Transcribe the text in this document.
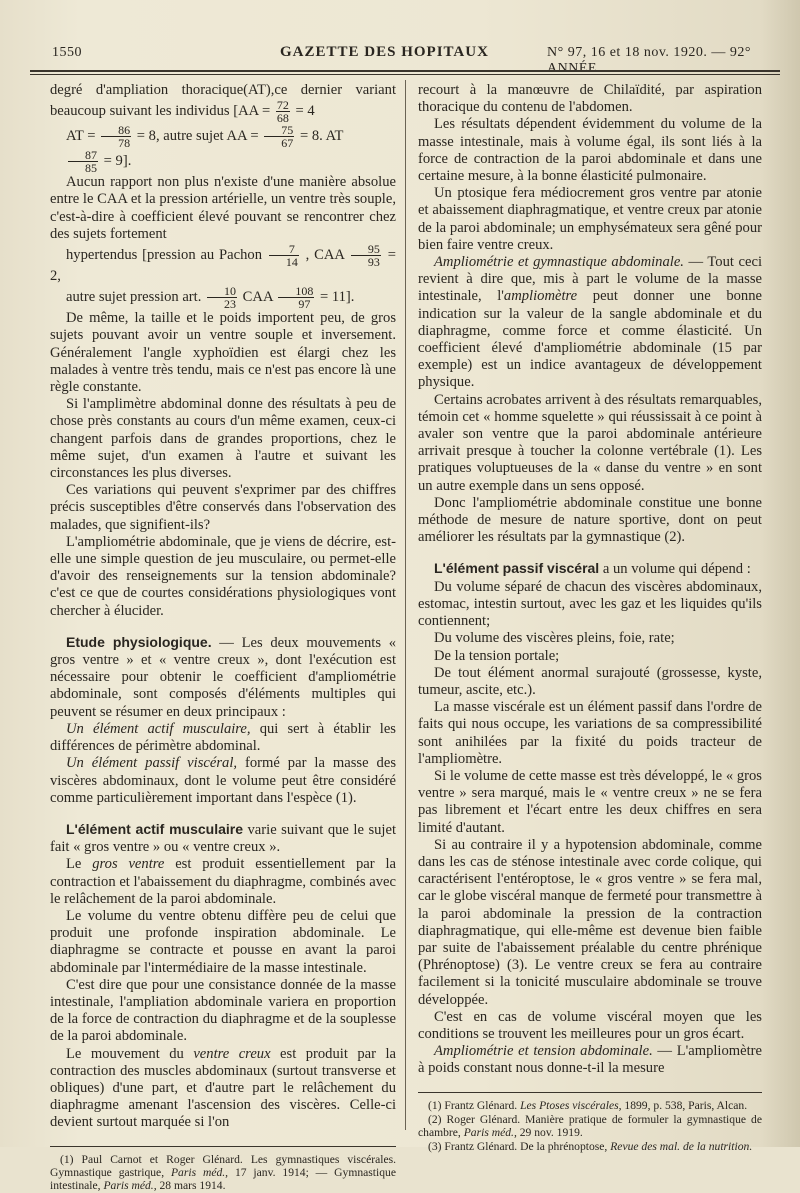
1550	GAZETTE DES HOPITAUX	N° 97, 16 et 18 nov. 1920. — 92° ANNÉE.

degré d'ampliation thoracique(AT),ce dernier variant beaucoup suivant les individus [$AA = \frac{72}{68} = 4$

AT = $\frac{86}{78} = 8$, autre sujet AA = $\frac{75}{67} = 8$. AT

$\frac{87}{85} = 9$].

Aucun rapport non plus n'existe d'une manière absolue entre le CAA et la pression artérielle, un ventre très souple, c'est-à-dire à coefficient élevé pouvant se rencontrer chez des sujets fortement

hypertendus [pression au Pachon $\frac{7}{14}$ , CAA $\frac{95}{93} = 2$,

autre sujet pression art. $\frac{10}{23}$ CAA $\frac{108}{97} = 11$].

De même, la taille et le poids importent peu, de gros sujets pouvant avoir un ventre souple et inversement. Généralement l'angle xyphoïdien est élargi chez les malades à ventre très tendu, mais ce n'est pas encore là une règle constante.

Si l'amplimètre abdominal donne des résultats à peu de chose près constants au cours d'un même examen, ceux-ci changent parfois dans de grandes proportions, chez le même sujet, d'un examen à l'autre et suivant les circonstances les plus diverses.

Ces variations qui peuvent s'exprimer par des chiffres précis susceptibles d'être conservés dans l'observation des malades, que signifient-ils?

L'ampliométrie abdominale, que je viens de décrire, est-elle une simple question de jeu musculaire, ou permet-elle d'avoir des renseignements sur la tension abdominale? c'est ce que de courtes considérations physiologiques vont chercher à élucider.

Etude physiologique. — Les deux mouvements « gros ventre » et « ventre creux », dont l'exécution est nécessaire pour obtenir le coefficient d'ampliométrie abdominale, sont composés d'éléments multiples qui peuvent se résumer en deux principaux :

Un élément actif musculaire, qui sert à établir les différences de périmètre abdominal.

Un élément passif viscéral, formé par la masse des viscères abdominaux, dont le volume peut être considéré comme particulièrement important dans l'espèce (1).

L'élément actif musculaire varie suivant que le sujet fait « gros ventre » ou « ventre creux ».

Le gros ventre est produit essentiellement par la contraction et l'abaissement du diaphragme, combinés avec le relâchement de la paroi abdominale.

Le volume du ventre obtenu diffère peu de celui que produit une profonde inspiration abdominale. Le diaphragme se contracte et pousse en avant la paroi abdominale par l'intermédiaire de la masse intestinale.

C'est dire que pour une consistance donnée de la masse intestinale, l'ampliation abdominale variera en proportion de la force de contraction du diaphragme et de la souplesse de la paroi abdominale.

Le mouvement du ventre creux est produit par la contraction des muscles abdominaux (surtout transverse et obliques) d'une part, et d'autre part le relâchement du diaphragme amenant l'ascension des viscères. Celle-ci devient surtout marquée si l'on

(1) Paul Carnot et Roger Glénard. Les gymnastiques viscérales. Gymnastique gastrique, Paris méd., 17 janv. 1914; — Gymnastique intestinale, Paris méd., 28 mars 1914.

recourt à la manœuvre de Chilaïdité, par aspiration thoracique du contenu de l'abdomen.

Les résultats dépendent évidemment du volume de la masse intestinale, mais à volume égal, ils sont liés à la force de contraction de la paroi abdominale et dans une certaine mesure, à la bonne élasticité pulmonaire.

Un ptosique fera médiocrement gros ventre par atonie et abaissement diaphragmatique, et ventre creux par atonie de la paroi abdominale; un emphysémateux sera gêné pour bien faire ventre creux.

Ampliométrie et gymnastique abdominale. — Tout ceci revient à dire que, mis à part le volume de la masse intestinale, l'ampliomètre peut donner une bonne indication sur la valeur de la sangle abdominale et du diaphragme, comme force et comme élasticité. Un coefficient élevé d'ampliométrie abdominale (15 par exemple) est un indice avantageux de développement physique.

Certains acrobates arrivent à des résultats remarquables, témoin cet « homme squelette » qui réussissait à ce point à avaler son ventre que la paroi abdominale antérieure arrivait presque à toucher la colonne vertébrale (1). Les pratiques voluptueuses de la « danse du ventre » en sont un autre exemple dans un sens opposé.

Donc l'ampliométrie abdominale constitue une bonne méthode de mesure de nature sportive, dont on peut améliorer les résultats par la gymnastique (2).

L'élément passif viscéral a un volume qui dépend :

Du volume séparé de chacun des viscères abdominaux, estomac, intestin surtout, avec les gaz et les liquides qu'ils contiennent;

Du volume des viscères pleins, foie, rate;

De la tension portale;

De tout élément anormal surajouté (grossesse, kyste, tumeur, ascite, etc.).

La masse viscérale est un élément passif dans l'ordre de faits qui nous occupe, les variations de sa compressibilité sont anihilées par la fixité du poids tracteur de l'ampliomètre.

Si le volume de cette masse est très développé, le « gros ventre » sera marqué, mais le « ventre creux » ne se fera pas librement et l'écart entre les deux chiffres en sera limité d'autant.

Si au contraire il y a hypotension abdominale, comme dans les cas de sténose intestinale avec corde colique, qui caractérisent l'entéroptose, le « gros ventre » se fera mal, car le globe viscéral manque de fermeté pour transmettre à la paroi abdominale la pression de la contraction diaphragmatique, qui elle-même est devenue bien faible par suite de l'abaissement préalable du centre phrénique (Phrénoptose) (3). Le ventre creux se fera au contraire facilement si la tonicité musculaire abdominale se trouve développée.

C'est en cas de volume viscéral moyen que les conditions se trouvent les meilleures pour un gros écart.

Ampliométrie et tension abdominale. — L'ampliomètre à poids constant nous donne-t-il la mesure

(1) Frantz Glénard. Les Ptoses viscérales, 1899, p. 538, Paris, Alcan.

(2) Roger Glénard. Manière pratique de formuler la gymnastique de chambre, Paris méd., 29 nov. 1919.

(3) Frantz Glénard. De la phrénoptose, Revue des mal. de la nutrition.
